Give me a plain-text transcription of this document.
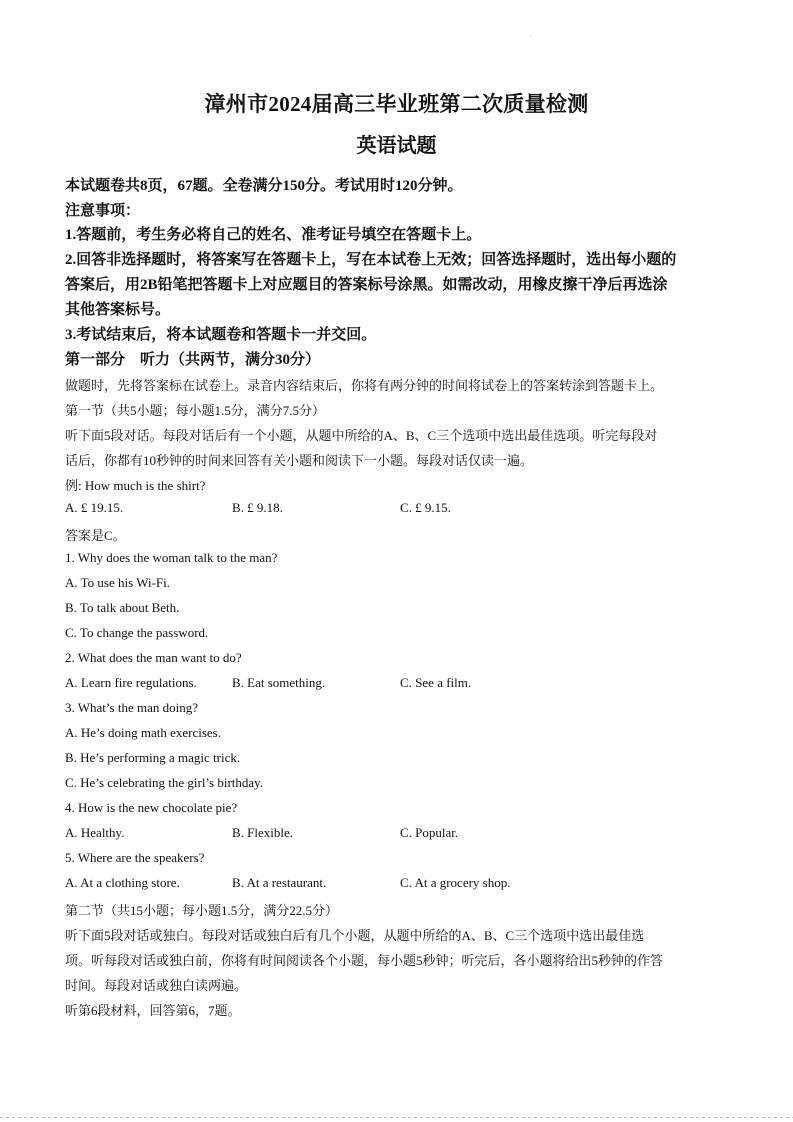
漳州市2024届高三毕业班第二次质量检测
英语试题
本试题卷共8页，67题。全卷满分150分。考试用时120分钟。
注意事项：
1.答题前，考生务必将自己的姓名、准考证号填空在答题卡上。
2.回答非选择题时，将答案写在答题卡上，写在本试卷上无效；回答选择题时，选出每小题的
答案后，用2B铅笔把答题卡上对应题目的答案标号涂黑。如需改动，用橡皮擦干净后再选涂
其他答案标号。
3.考试结束后，将本试题卷和答题卡一并交回。
第一部分　听力（共两节，满分30分）
做题时，先将答案标在试卷上。录音内容结束后，你将有两分钟的时间将试卷上的答案转涂到答题卡上。
第一节（共5小题；每小题1.5分，满分7.5分）
听下面5段对话。每段对话后有一个小题，从题中所给的A、B、C三个选项中选出最佳选项。听完每段对
话后，你都有10秒钟的时间来回答有关小题和阅读下一小题。每段对话仅读一遍。
例: How much is the shirt?
A. £ 19.15.	B. £ 9.18.	C. £ 9.15.
答案是C。
1. Why does the woman talk to the man?
A. To use his Wi-Fi.
B. To talk about Beth.
C. To change the password.
2. What does the man want to do?
A. Learn fire regulations.	B. Eat something.	C. See a film.
3. What’s the man doing?
A. He’s doing math exercises.
B. He’s performing a magic trick.
C. He’s celebrating the girl’s birthday.
4. How is the new chocolate pie?
A. Healthy.	B. Flexible.	C. Popular.
5. Where are the speakers?
A. At a clothing store.	B. At a restaurant.	C. At a grocery shop.
第二节（共15小题；每小题1.5分，满分22.5分）
听下面5段对话或独白。每段对话或独白后有几个小题，从题中所给的A、B、C三个选项中选出最佳选
项。听每段对话或独白前，你将有时间阅读各个小题，每小题5秒钟；听完后，各小题将给出5秒钟的作答
时间。每段对话或独白读两遍。
听第6段材料，回答第6，7题。
